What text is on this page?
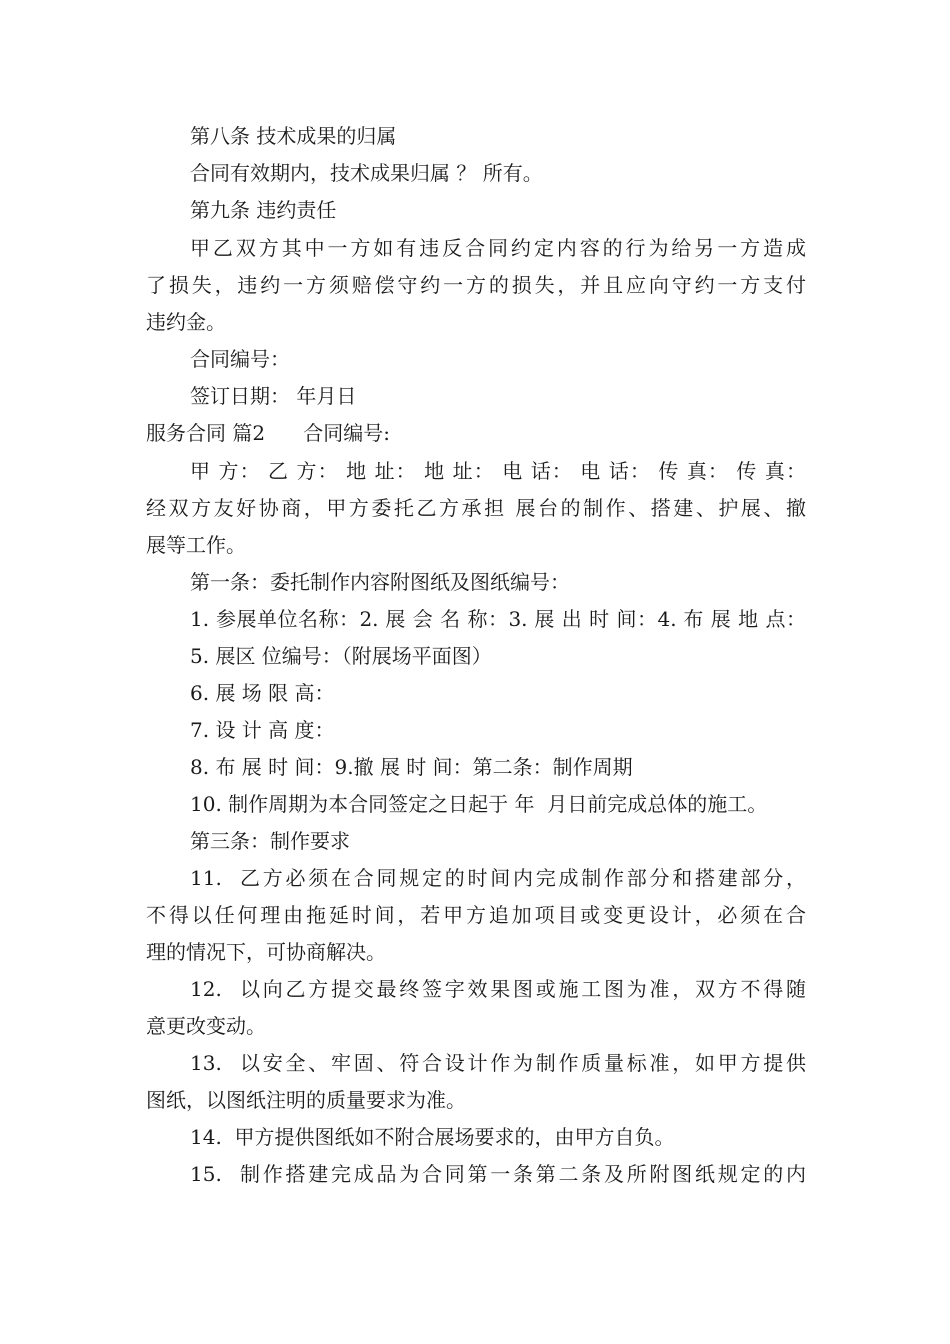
第八条 技术成果的归属
合同有效期内，技术成果归属 ？ 所有。
第九条 违约责任
甲乙双方其中一方如有违反合同约定内容的行为给另一方造成
了损失，违约一方须赔偿守约一方的损失，并且应向守约一方支付
违约金。
合同编号：
签订日期： 年月日
服务合同 篇2      合同编号:
甲 方： 乙 方： 地 址： 地 址： 电 话： 电 话： 传 真： 传 真：
经双方友好协商，甲方委托乙方承担 展台的制作、搭建、护展、撤
展等工作。
第一条：委托制作内容附图纸及图纸编号：
1. 参展单位名称：2. 展 会 名 称：3. 展 出 时 间：4. 布 展 地 点：
5. 展区 位编号：（附展场平面图）
6. 展 场 限 高：
7. 设 计 高 度：
8. 布 展 时 间：9.撤 展 时 间：第二条：制作周期
10. 制作周期为本合同签定之日起于 年  月日前完成总体的施工。
第三条：制作要求
11.  乙方必须在合同规定的时间内完成制作部分和搭建部分，
不得以任何理由拖延时间，若甲方追加项目或变更设计，必须在合
理的情况下，可协商解决。
12.  以向乙方提交最终签字效果图或施工图为准，双方不得随
意更改变动。
13.  以安全、牢固、符合设计作为制作质量标准，如甲方提供
图纸，以图纸注明的质量要求为准。
14.  甲方提供图纸如不附合展场要求的，由甲方自负。
15.  制作搭建完成品为合同第一条第二条及所附图纸规定的内
